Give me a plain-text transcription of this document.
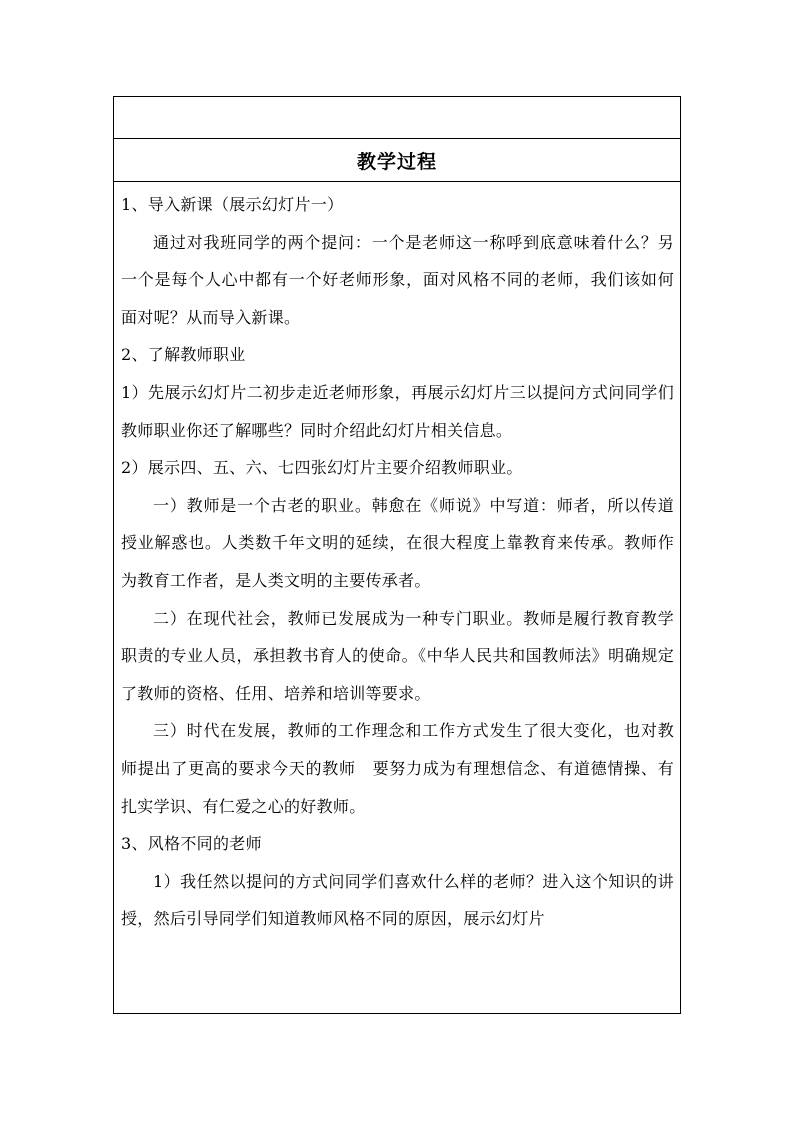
教学过程

1、导入新课（展示幻灯片一）

通过对我班同学的两个提问：一个是老师这一称呼到底意味着什么？另一个是每个人心中都有一个好老师形象，面对风格不同的老师，我们该如何面对呢？从而导入新课。

2、了解教师职业

1）先展示幻灯片二初步走近老师形象，再展示幻灯片三以提问方式问同学们教师职业你还了解哪些？同时介绍此幻灯片相关信息。

2）展示四、五、六、七四张幻灯片主要介绍教师职业。

一）教师是一个古老的职业。韩愈在《师说》中写道：师者，所以传道授业解惑也。人类数千年文明的延续，在很大程度上靠教育来传承。教师作为教育工作者，是人类文明的主要传承者。

二）在现代社会，教师已发展成为一种专门职业。教师是履行教育教学职责的专业人员，承担教书育人的使命。《中华人民共和国教师法》明确规定了教师的资格、任用、培养和培训等要求。

三）时代在发展，教师的工作理念和工作方式发生了很大变化，也对教师提出了更高的要求今天的教师　要努力成为有理想信念、有道德情操、有扎实学识、有仁爱之心的好教师。

3、风格不同的老师

1）我任然以提问的方式问同学们喜欢什么样的老师？进入这个知识的讲授，然后引导同学们知道教师风格不同的原因，展示幻灯片
